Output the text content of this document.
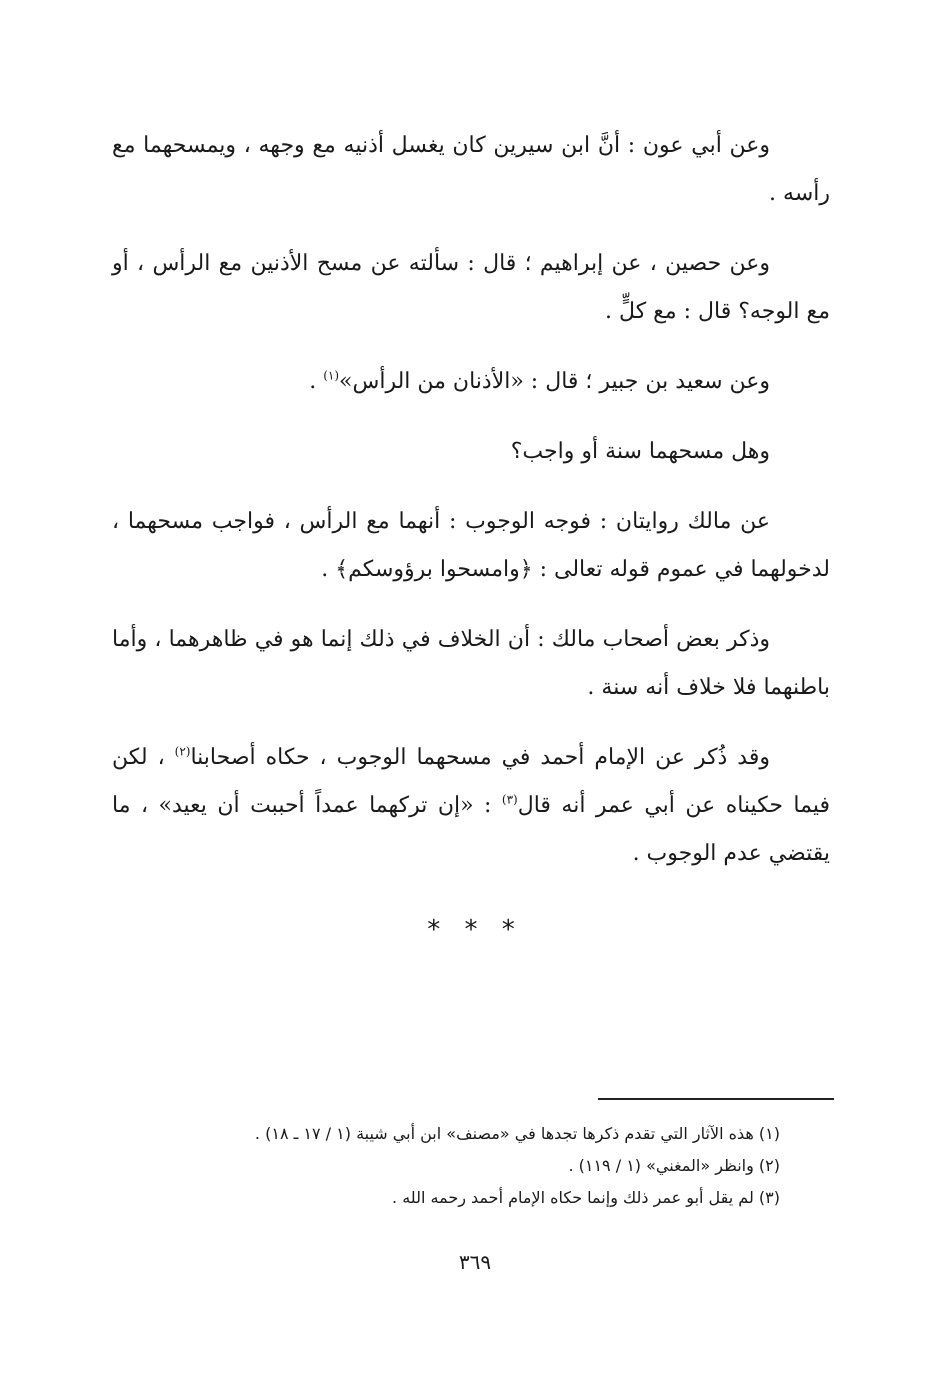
وعن أبي عون : أنَّ ابن سيرين كان يغسل أذنيه مع وجهه ، ويمسحهما مع رأسه .

وعن حصين ، عن إبراهيم ؛ قال : سألته عن مسح الأذنين مع الرأس ، أو مع الوجه؟ قال : مع كلٍّ .

وعن سعيد بن جبير ؛ قال : «الأذنان من الرأس»$^{(١)}$ .

وهل مسحهما سنة أو واجب؟

عن مالك روايتان : فوجه الوجوب : أنهما مع الرأس ، فواجب مسحهما ، لدخولهما في عموم قوله تعالى : ﴿وامسحوا برؤوسكم﴾ .

وذكر بعض أصحاب مالك : أن الخلاف في ذلك إنما هو في ظاهرهما ، وأما باطنهما فلا خلاف أنه سنة .

وقد ذُكر عن الإمام أحمد في مسحهما الوجوب ، حكاه أصحابنا$^{(٢)}$ ، لكن فيما حكيناه عن أبي عمر أنه قال$^{(٣)}$ : «إن تركهما عمداً أحببت أن يعيد» ، ما يقتضي عدم الوجوب .

* * *

(١) هذه الآثار التي تقدم ذكرها تجدها في «مصنف» ابن أبي شيبة (١ / ١٧ ـ ١٨) .

(٢) وانظر «المغني» (١ / ١١٩) .

(٣) لم يقل أبو عمر ذلك وإنما حكاه الإمام أحمد رحمه الله .

٣٦٩
